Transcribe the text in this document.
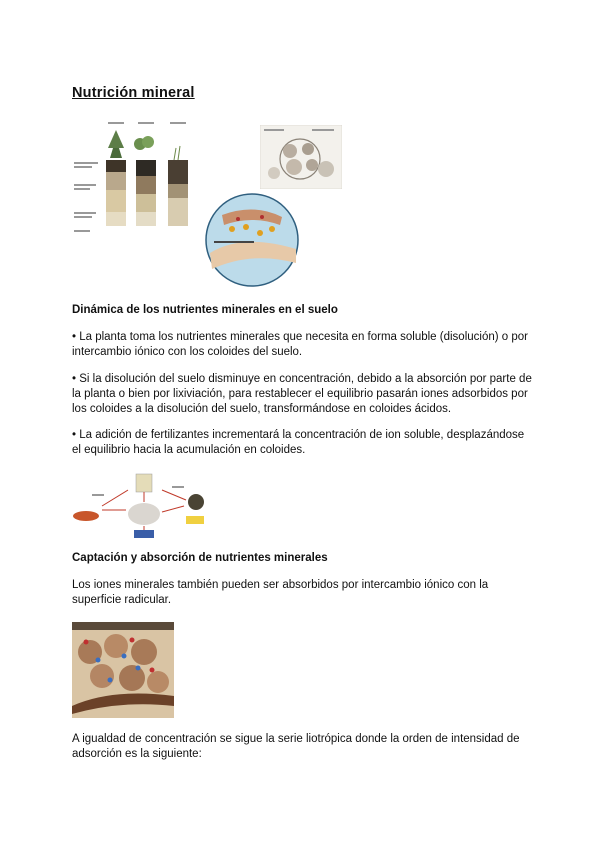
Nutrición mineral
Dinámica de los nutrientes minerales en el suelo
• La planta toma los nutrientes minerales que necesita en forma soluble (disolución) o por intercambio iónico con los coloides del suelo.
• Si la disolución del suelo disminuye en concentración, debido a la absorción por parte de la planta o bien por lixiviación, para restablecer el equilibrio pasarán iones adsorbidos por los coloides a la disolución del suelo, transformándose en coloides ácidos.
• La adición de fertilizantes incrementará la concentración de ion soluble, desplazándose el equilibrio hacia la acumulación en coloides.
Captación y absorción de nutrientes minerales
Los iones minerales también pueden ser absorbidos por intercambio iónico con la superficie radicular.
A igualdad de concentración se sigue la serie liotrópica donde la orden de intensidad de adsorción es la siguiente:
